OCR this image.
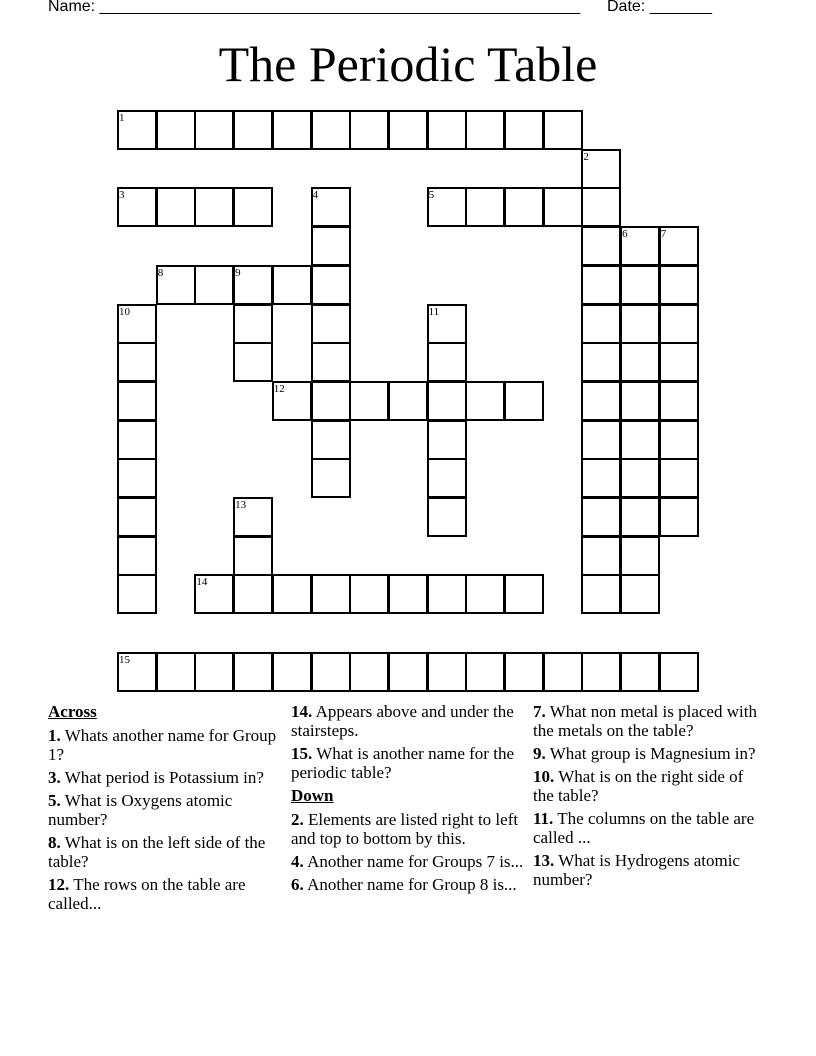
Name: ______________________________________________________ Date: _______
The Periodic Table
1
2
3	4	5
6	7
8	9
10	11
12
13
14
15
Across
1. Whats another name for Group 1?
3. What period is Potassium in?
5. What is Oxygens atomic number?
8. What is on the left side of the table?
12. The rows on the table are called...
14. Appears above and under the stairsteps.
15. What is another name for the periodic table?
Down
2. Elements are listed right to left and top to bottom by this.
4. Another name for Groups 7 is...
6. Another name for Group 8 is...
7. What non metal is placed with the metals on the table?
9. What group is Magnesium in?
10. What is on the right side of the table?
11. The columns on the table are called ...
13. What is Hydrogens atomic number?
